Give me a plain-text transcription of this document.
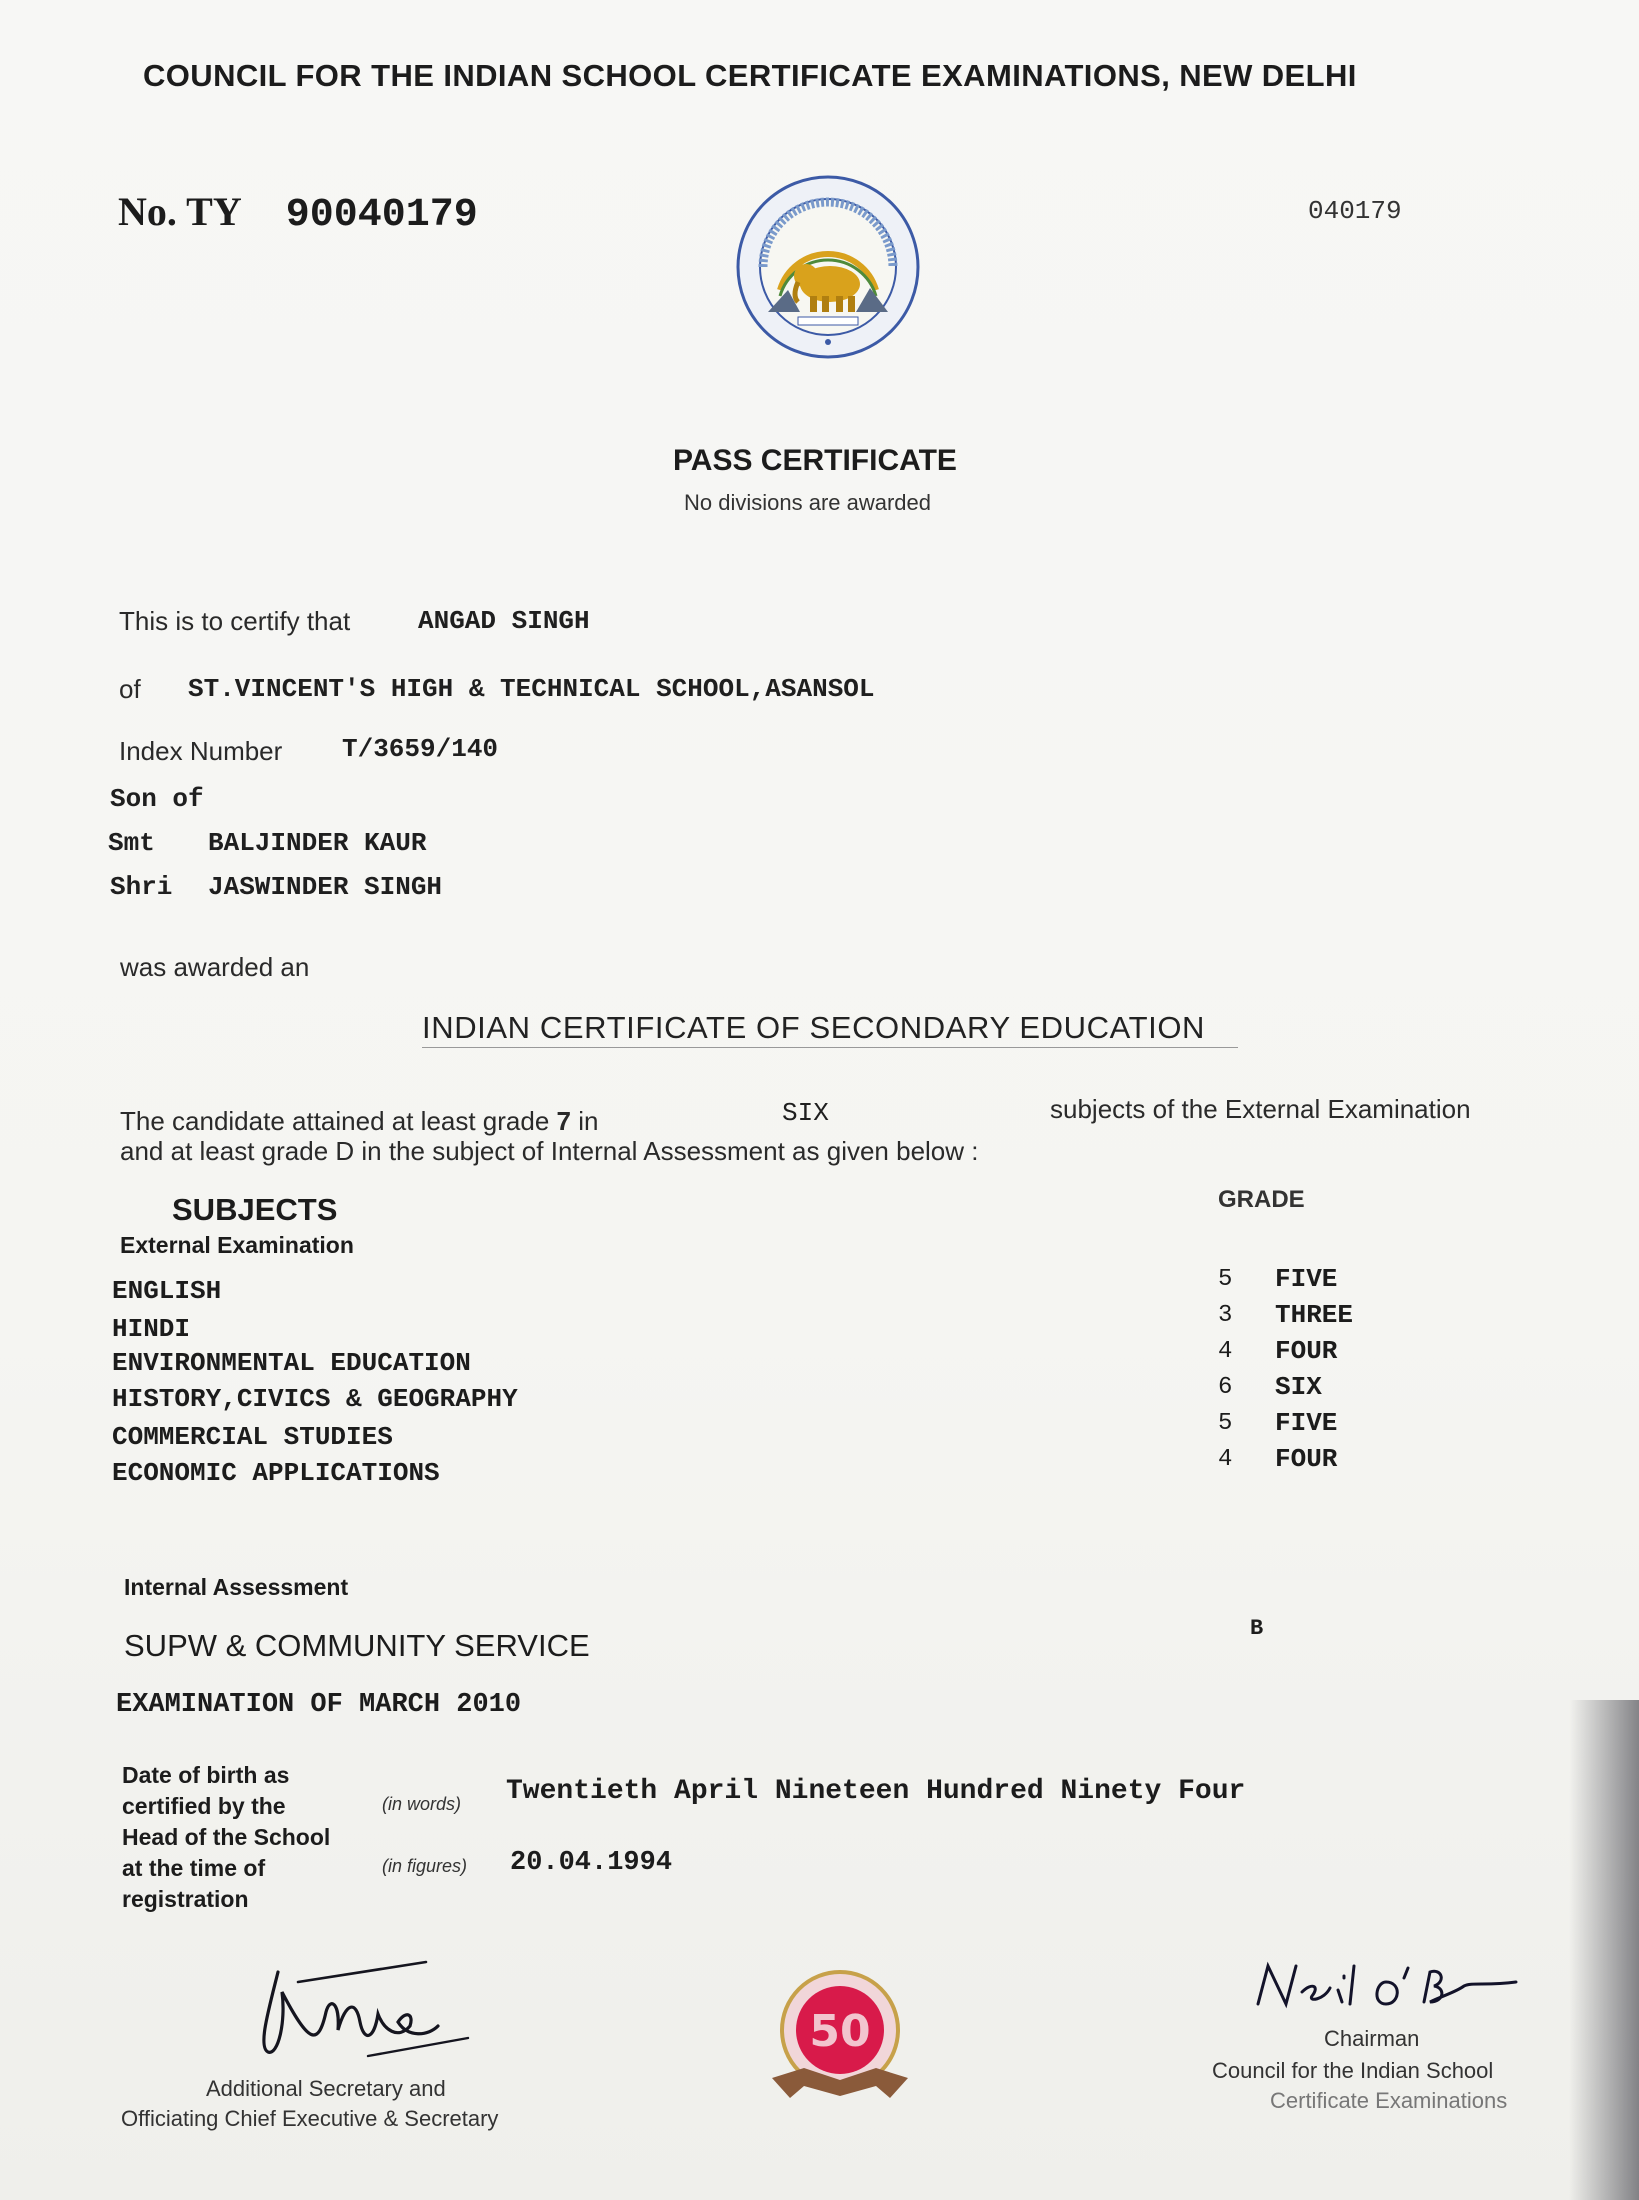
COUNCIL FOR THE INDIAN SCHOOL CERTIFICATE EXAMINATIONS, NEW DELHI
No. TY 90040179	040179
PASS CERTIFICATE
No divisions are awarded
This is to certify that	ANGAD SINGH
of ST.VINCENT'S HIGH & TECHNICAL SCHOOL,ASANSOL
Index Number T/3659/140
Son of
Smt BALJINDER KAUR
Shri JASWINDER SINGH
was awarded an
INDIAN CERTIFICATE OF SECONDARY EDUCATION
The candidate attained at least grade 7 in	SIX	subjects of the External Examination
and at least grade D in the subject of Internal Assessment as given below :
SUBJECTS	GRADE
External Examination
ENGLISH	5 FIVE
HINDI	3 THREE
ENVIRONMENTAL EDUCATION	4 FOUR
HISTORY,CIVICS & GEOGRAPHY	6 SIX
COMMERCIAL STUDIES	5 FIVE
ECONOMIC APPLICATIONS	4 FOUR
Internal Assessment
SUPW & COMMUNITY SERVICE	B
EXAMINATION OF MARCH 2010
Date of birth as
certified by the
Head of the School
at the time of
registration
(in words) Twentieth April Nineteen Hundred Ninety Four
(in figures) 20.04.1994
50
Additional Secretary and
Officiating Chief Executive & Secretary
Chairman
Council for the Indian School
Certificate Examinations
